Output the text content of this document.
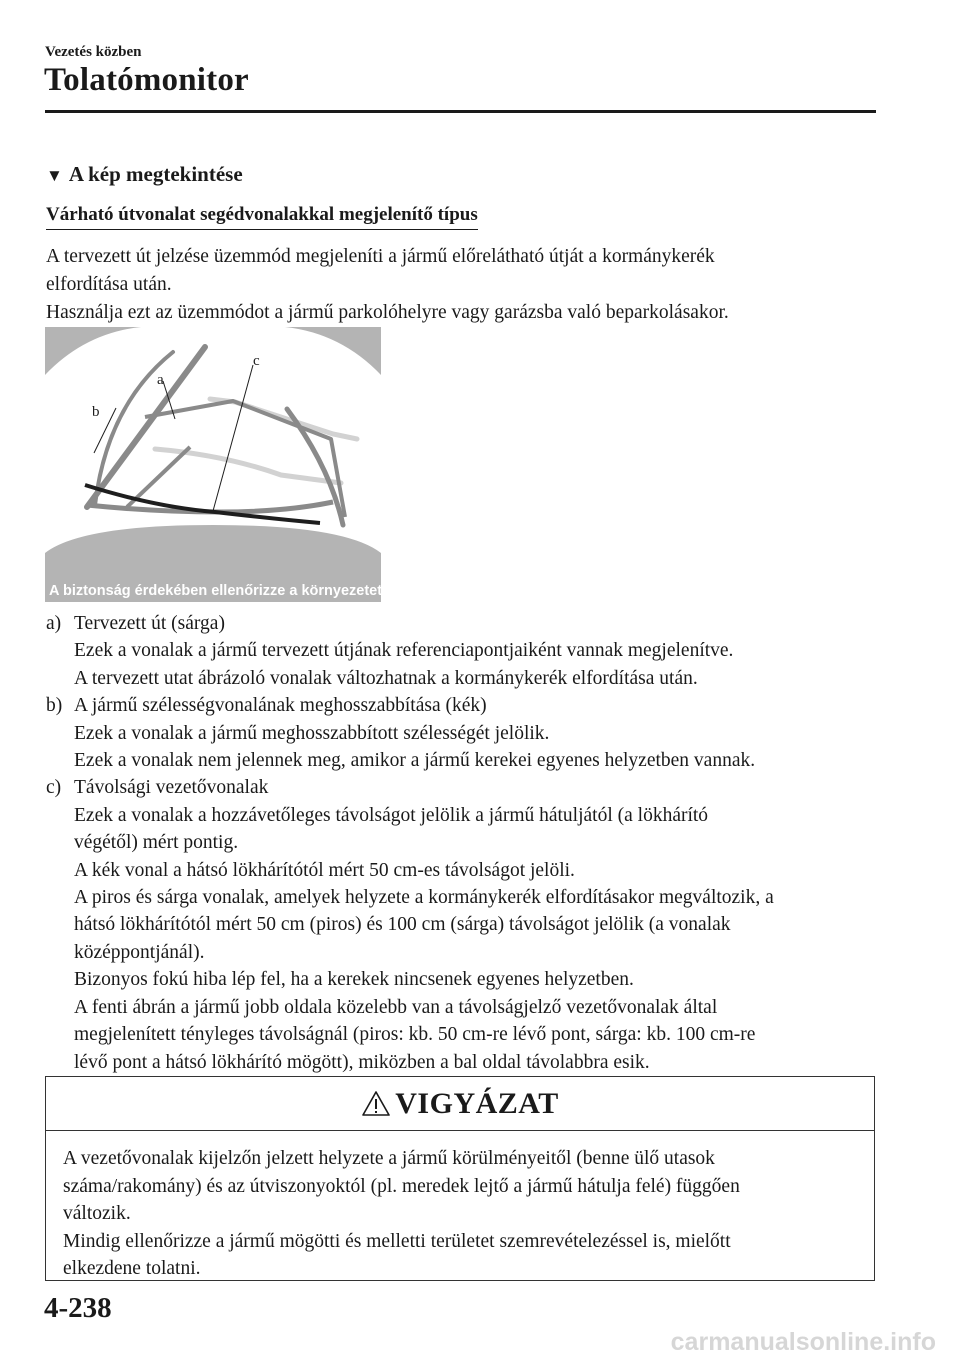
Vezetés közben
Tolatómonitor
▼ A kép megtekintése
Várható útvonalat segédvonalakkal megjelenítő típus
A tervezett út jelzése üzemmód megjeleníti a jármű előrelátható útját a kormánykerék
elfordítása után.
Használja ezt az üzemmódot a jármű parkolóhelyre vagy garázsba való beparkolásakor.
a
b
c
A biztonság érdekében ellenőrizze a környezetet
a) Tervezett út (sárga)
Ezek a vonalak a jármű tervezett útjának referenciapontjaiként vannak megjelenítve.
A tervezett utat ábrázoló vonalak változhatnak a kormánykerék elfordítása után.
b) A jármű szélességvonalának meghosszabbítása (kék)
Ezek a vonalak a jármű meghosszabbított szélességét jelölik.
Ezek a vonalak nem jelennek meg, amikor a jármű kerekei egyenes helyzetben vannak.
c) Távolsági vezetővonalak
Ezek a vonalak a hozzávetőleges távolságot jelölik a jármű hátuljától (a lökhárító
végétől) mért pontig.
A kék vonal a hátsó lökhárítótól mért 50 cm-es távolságot jelöli.
A piros és sárga vonalak, amelyek helyzete a kormánykerék elfordításakor megváltozik, a
hátsó lökhárítótól mért 50 cm (piros) és 100 cm (sárga) távolságot jelölik (a vonalak
középpontjánál).
Bizonyos fokú hiba lép fel, ha a kerekek nincsenek egyenes helyzetben.
A fenti ábrán a jármű jobb oldala közelebb van a távolságjelző vezetővonalak által
megjelenített tényleges távolságnál (piros: kb. 50 cm-re lévő pont, sárga: kb. 100 cm-re
lévő pont a hátsó lökhárító mögött), miközben a bal oldal távolabbra esik.
VIGYÁZAT
A vezetővonalak kijelzőn jelzett helyzete a jármű körülményeitől (benne ülő utasok
száma/rakomány) és az útviszonyoktól (pl. meredek lejtő a jármű hátulja felé) függően
változik.
Mindig ellenőrizze a jármű mögötti és melletti területet szemrevételezéssel is, mielőtt
elkezdene tolatni.
4-238
carmanualsonline.info
